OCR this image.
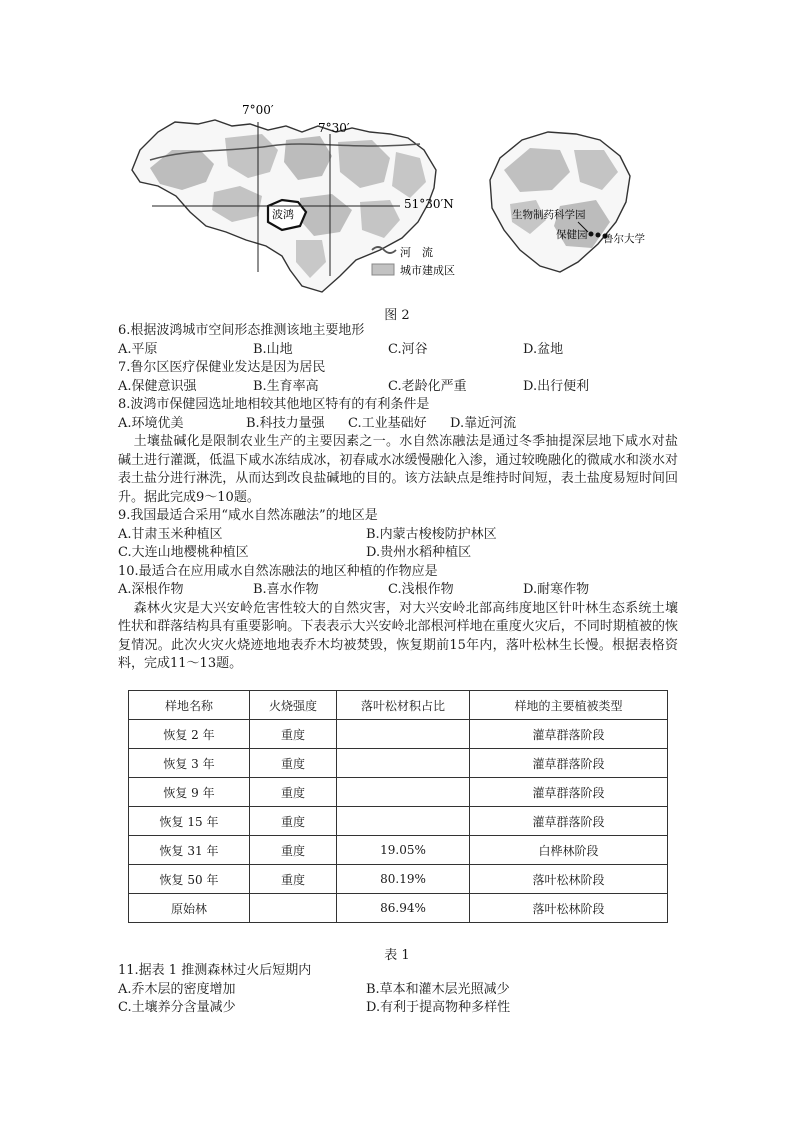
波鸿
7°00′
7°30′
51°30′N
河　流
城市建成区
生物制药科学园
保健园 鲁尔大学
图 2
6.根据波鸿城市空间形态推测该地主要地形
A.平原	B.山地	C.河谷	D.盆地
7.鲁尔区医疗保健业发达是因为居民
A.保健意识强	B.生育率高	C.老龄化严重	D.出行便利
8.波鸿市保健园选址地相较其他地区特有的有利条件是
A.环境优美	B.科技力量强	C.工业基础好	D.靠近河流
土壤盐碱化是限制农业生产的主要因素之一。水自然冻融法是通过冬季抽提深层地下咸水对盐碱土进行灌溉，低温下咸水冻结成冰，初春咸水冰缓慢融化入渗，通过较晚融化的微咸水和淡水对表土盐分进行淋洗，从而达到改良盐碱地的目的。该方法缺点是维持时间短，表土盐度易短时间回升。据此完成9～10题。
9.我国最适合采用“咸水自然冻融法”的地区是
A.甘肃玉米种植区	B.内蒙古梭梭防护林区
C.大连山地樱桃种植区	D.贵州水稻种植区
10.最适合在应用咸水自然冻融法的地区种植的作物应是
A.深根作物	B.喜水作物	C.浅根作物	D.耐寒作物
森林火灾是大兴安岭危害性较大的自然灾害，对大兴安岭北部高纬度地区针叶林生态系统土壤性状和群落结构具有重要影响。下表表示大兴安岭北部根河样地在重度火灾后，不同时期植被的恢复情况。此次火灾火烧迹地地表乔木均被焚毁，恢复期前15年内，落叶松林生长慢。根据表格资料，完成11～13题。
样地名称	火烧强度	落叶松材积占比	样地的主要植被类型
恢复 2 年	重度		灌草群落阶段
恢复 3 年	重度		灌草群落阶段
恢复 9 年	重度		灌草群落阶段
恢复 15 年	重度		灌草群落阶段
恢复 31 年	重度	19.05%	白桦林阶段
恢复 50 年	重度	80.19%	落叶松林阶段
原始林		86.94%	落叶松林阶段
表 1
11.据表 1 推测森林过火后短期内
A.乔木层的密度增加	B.草本和灌木层光照减少
C.土壤养分含量减少	D.有利于提高物种多样性
